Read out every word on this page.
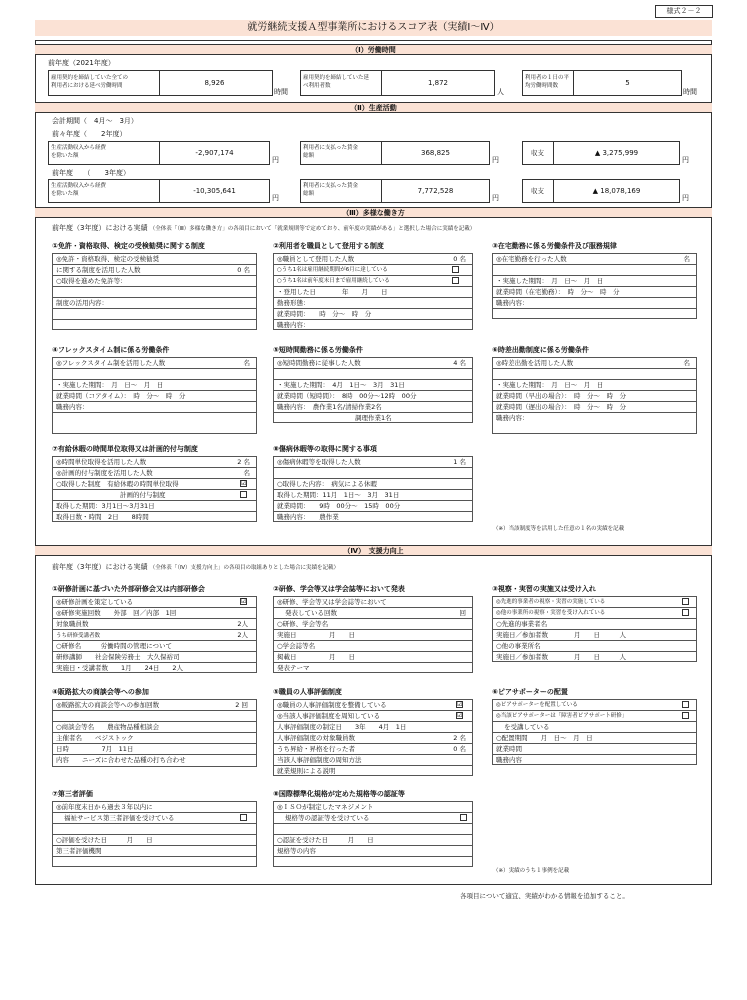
様式２－２
就労継続支援Ａ型事業所におけるスコア表（実績Ⅰ～Ⅳ）
（Ⅰ）労働時間
前年度（2021年度）
雇用契約を締結していた全ての
利用者における延べ労働時間	8,926
時間
雇用契約を締結していた延
べ利用者数	1,872
人
利用者の１日の平
均労働時間数	5
時間
（Ⅱ）生産活動
会計期間（　4月～　3月）
前々年度（　　2年度）
生産活動収入から経費
を除いた額	-2,907,174
円
利用者に支払った賃金
総額	368,825
円
収支	▲ 3,275,999
円
前年度　　（　　3年度）
生産活動収入から経費
を除いた額	-10,305,641
円
利用者に支払った賃金
総額	7,772,528
円
収支	▲ 18,078,169
円
（Ⅲ）多様な働き方
前年度（3年度）における実績 （全体表「（Ⅲ）多様な働き方」の各項目において「就業規則等で定めており、前年度の実績がある」と選択した場合に実績を記載）
①免許・資格取得、検定の受検勧奨に関する制度
◎免許・資格取得、検定の受検勧奨
に関する制度を活用した人数	0 名
○取得を進めた免許等：
制度の活用内容：
②利用者を職員として登用する制度
◎職員として登用した人数	0 名
○うち1名は雇用継続期間が6月に達している
○うち1名は前年度末日まで雇用継続している
・登用した日　　　　年　　月　　日
勤務形態：
就業時間：　　時　分～　時　分
職務内容：
③在宅勤務に係る労働条件及び服務規律
◎在宅勤務を行った人数	名
・実施した期間：　月　日～　月　日
就業時間（在宅勤務）：　時　分～　時　分
職務内容：
④フレックスタイム制に係る労働条件
◎フレックスタイム制を活用した人数	名
・実施した期間：　月　日～　月　日
就業時間（コアタイム）：　時　分～　時　分
職務内容：
⑤短時間勤務に係る労働条件
◎短時間勤務に従事した人数	4 名
・実施した期間：　4月　1日～　3月　31日
就業時間（短時間）：　8時　00分～12時　00分
職務内容：　農作業1名/清掃作業2名
調理作業1名
⑥時差出勤制度に係る労働条件
◎時差出勤を活用した人数	名
・実施した期間：　月　日～　月　日
就業時間（早出の場合）：　時　分～　時　分
就業時間（遅出の場合）：　時　分～　時　分
職務内容：
⑦有給休暇の時間単位取得又は計画的付与制度
◎時間単位取得を活用した人数	2 名
◎計画的付与制度を活用した人数	名
○取得した制度　有給休暇の時間単位取得	☑
計画的付与制度
取得した期間：3月1日～3月31日
取得日数・時間　2日　　8時間
⑧傷病休暇等の取得に関する事項
◎傷病休暇等を取得した人数	1 名
○取得した内容：　病気による休暇
取得した期間：11月　1日～　3月　31日
就業時間：　　9時　00分～　15時　00分
職務内容：　　農作業
（※）当該制度等を活用した任意の１名の実績を記載
（Ⅳ）　支援力向上
前年度（3年度）における実績 （全体表「（Ⅳ）支援力向上」の各項目の取組ありとした場合に実績を記載）
①研修計画に基づいた外部研修会又は内部研修会
◎研修計画を策定している	☑
◎研修実施回数　　外部　回／内部　1回
対象職員数	2人
うち研修受講者数	2人
○研修名　　　労働時間の管理について
研修講師　　社会保険労務士　大久保裕司
実施日・受講者数　　1月　　24日　　2人
②研修、学会等又は学会誌等において発表
◎研修、学会等又は学会誌等において
発表している回数	回
○研修、学会等名
実施日　　　　　月　　日
○学会誌等名
掲載日　　　　　月　　日
発表テーマ
③視察・実習の実施又は受け入れ
◎先進的事業者の視察・実習の実施している
◎他の事業所の視察・実習を受け入れている
○先進的事業者名
実施日／参加者数　　　　月　　日　　　人
○他の事業所名
実施日／参加者数　　　　月　　日　　　人
④販路拡大の商談会等への参加
◎販路拡大の商談会等への参加回数	2 回
○商談会等名　　農産物品種相談会
主催者名　　ベジストック
日時　　　　　7月　11日
内容　　ニーズに合わせた品種の打ち合わせ
⑤職員の人事評価制度
◎職員の人事評価制度を整備している	☑
◎当該人事評価制度を周知している	☑
人事評価制度の制定日　　3年　　4月　1日
人事評価制度の対象職員数	2 名
うち昇給・昇格を行った者	0 名
当該人事評価制度の周知方法
就業規則による説明
⑥ピアサポーターの配置
◎ピアサポーターを配置している
◎当該ピアサポーターは「障害者ピアサポート研修」
を受講している
○配置期間　　月　日～　月　日
就業時間
職務内容
⑦第三者評価
◎前年度末日から過去３年以内に
福祉サービス第三者評価を受けている
○評価を受けた日　　　月　　日
第三者評価機関
⑧国際標準化規格が定めた規格等の認証等
◎ＩＳＯが制定したマネジメント
規格等の認証等を受けている
○認証を受けた日　　　月　　日
規格等の内容
（※）実績のうち１事例を記載
各項目について適宜、実績がわかる情報を追加すること。
